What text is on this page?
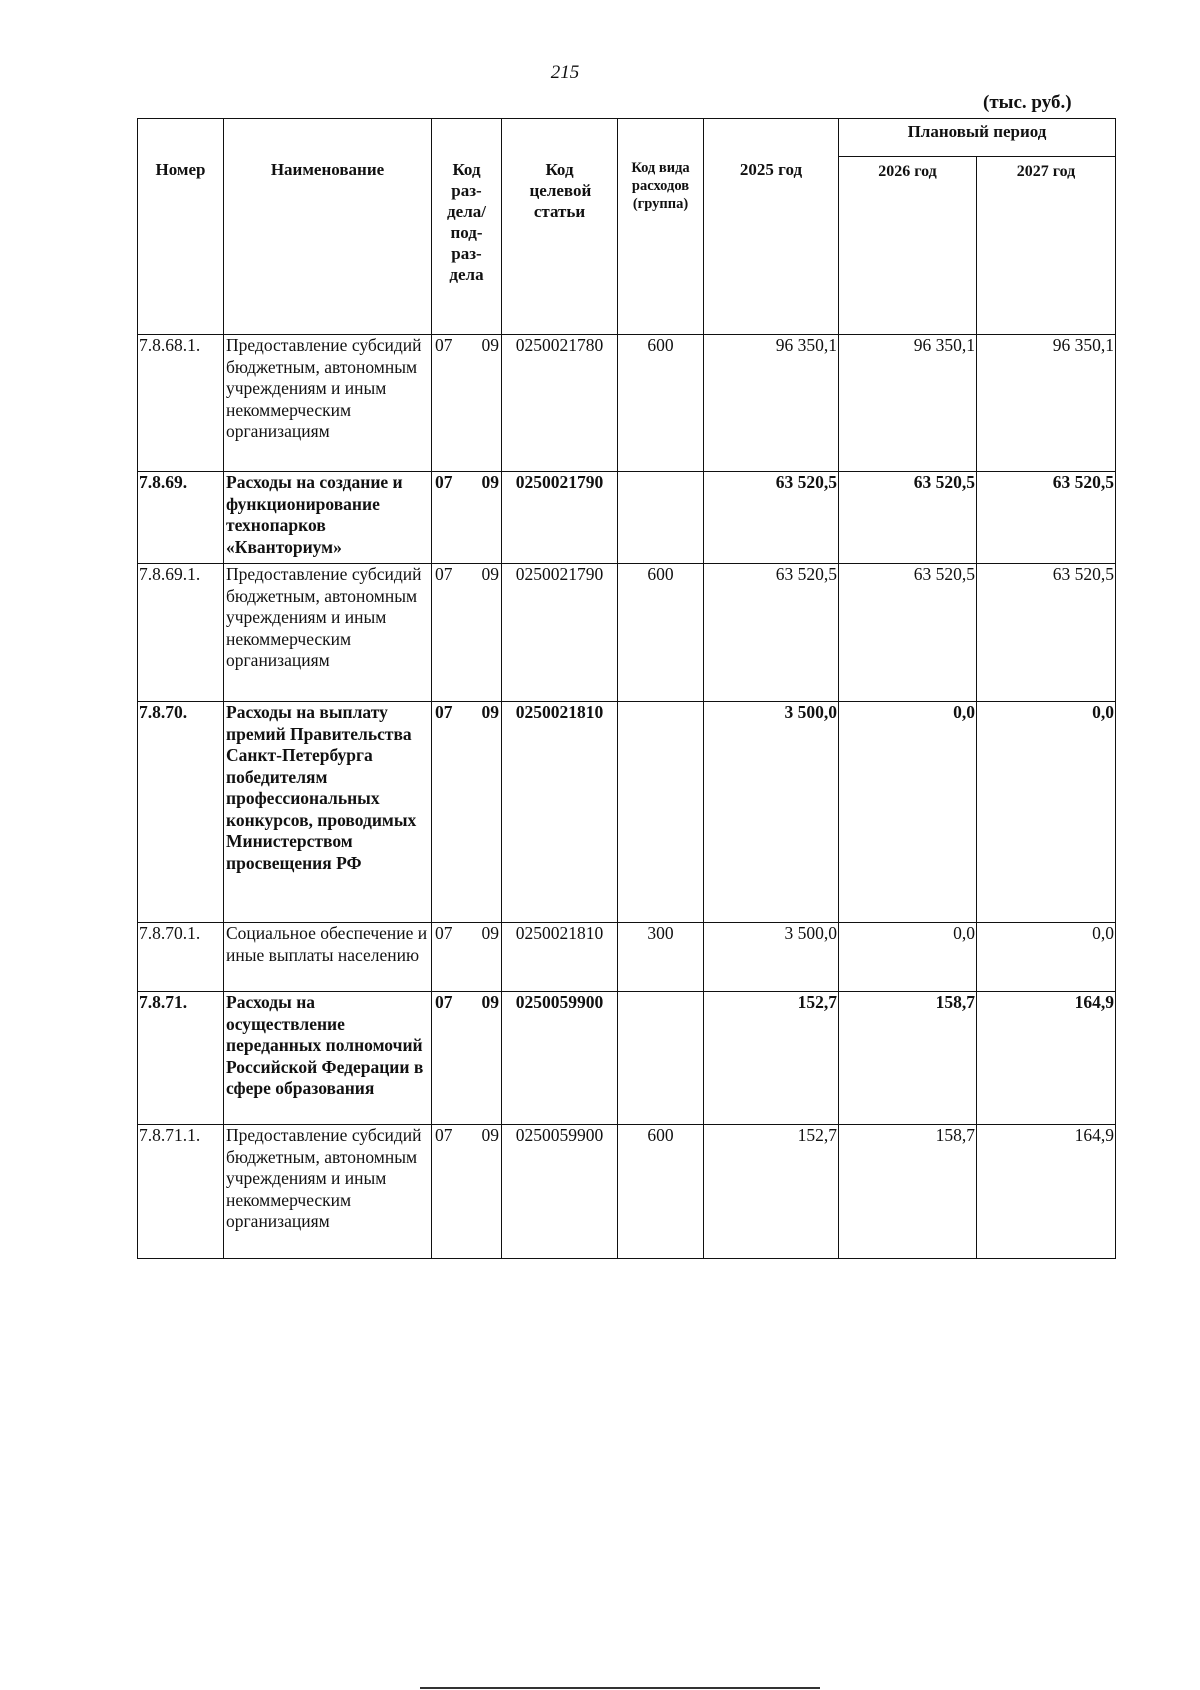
215
(тыс. руб.)
Номер	Наименование	Код раз-дела/ под-раз-дела	Код целевой статьи	Код вида расходов (группа)	2025 год	Плановый период	
						2026 год	2027 год
7.8.68.1.	Предоставление субсидий бюджетным, автономным учреждениям и иным некоммерческим организациям	07 09	0250021780	600	96 350,1	96 350,1	96 350,1
7.8.69.	Расходы на создание и функционирование технопарков «Кванториум»	07 09	0250021790		63 520,5	63 520,5	63 520,5
7.8.69.1.	Предоставление субсидий бюджетным, автономным учреждениям и иным некоммерческим организациям	07 09	0250021790	600	63 520,5	63 520,5	63 520,5
7.8.70.	Расходы на выплату премий Правительства Санкт-Петербурга победителям профессиональных конкурсов, проводимых Министерством просвещения РФ	07 09	0250021810		3 500,0	0,0	0,0
7.8.70.1.	Социальное обеспечение и иные выплаты населению	07 09	0250021810	300	3 500,0	0,0	0,0
7.8.71.	Расходы на осуществление переданных полномочий Российской Федерации в сфере образования	07 09	0250059900		152,7	158,7	164,9
7.8.71.1.	Предоставление субсидий бюджетным, автономным учреждениям и иным некоммерческим организациям	07 09	0250059900	600	152,7	158,7	164,9
